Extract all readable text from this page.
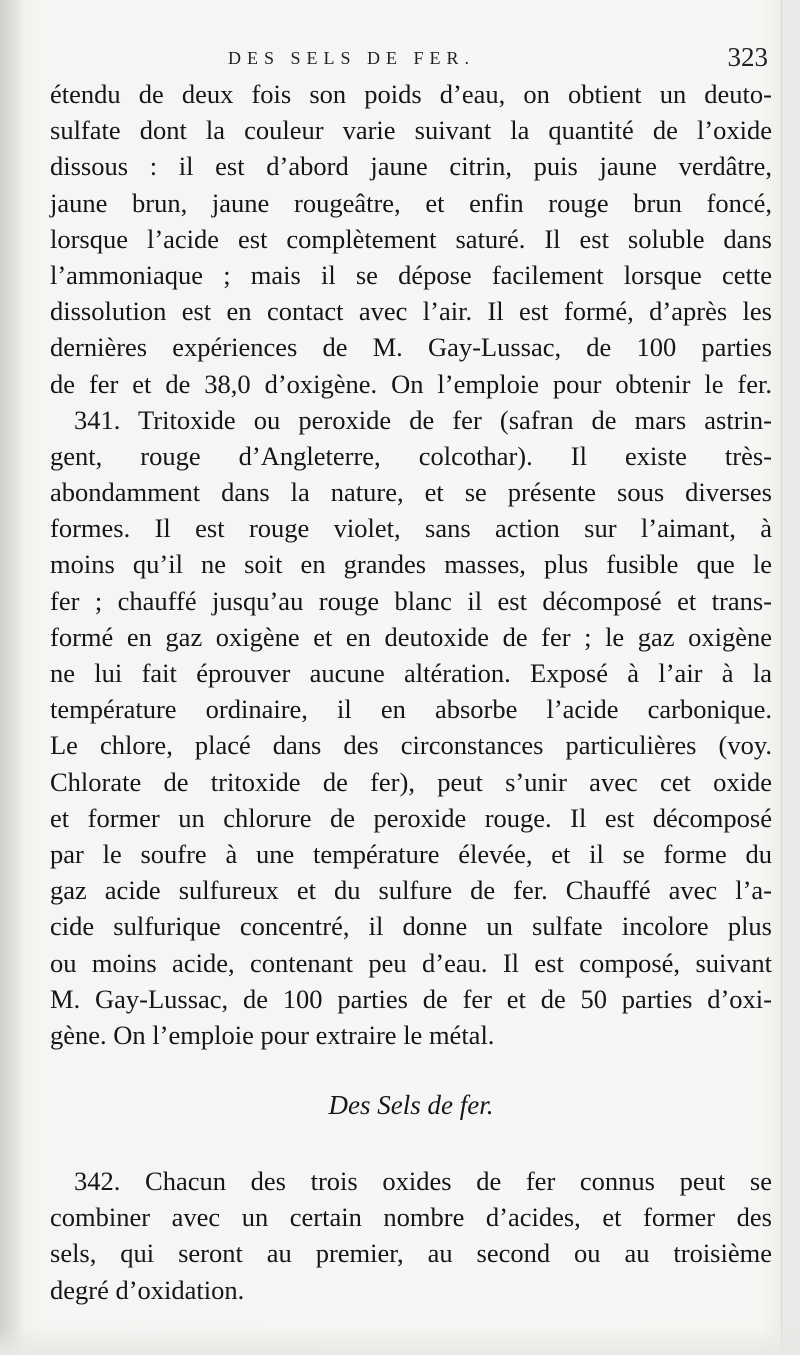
DES SELS DE FER.	323
étendu de deux fois son poids d’eau, on obtient un deuto-
sulfate dont la couleur varie suivant la quantité de l’oxide
dissous : il est d’abord jaune citrin, puis jaune verdâtre,
jaune brun, jaune rougeâtre, et enfin rouge brun foncé,
lorsque l’acide est complètement saturé. Il est soluble dans
l’ammoniaque ; mais il se dépose facilement lorsque cette
dissolution est en contact avec l’air. Il est formé, d’après les
dernières expériences de M. Gay-Lussac, de 100 parties
de fer et de 38,0 d’oxigène. On l’emploie pour obtenir le fer.
341. Tritoxide ou peroxide de fer (safran de mars astrin-
gent, rouge d’Angleterre, colcothar). Il existe très-
abondamment dans la nature, et se présente sous diverses
formes. Il est rouge violet, sans action sur l’aimant, à
moins qu’il ne soit en grandes masses, plus fusible que le
fer ; chauffé jusqu’au rouge blanc il est décomposé et trans-
formé en gaz oxigène et en deutoxide de fer ; le gaz oxigène
ne lui fait éprouver aucune altération. Exposé à l’air à la
température ordinaire, il en absorbe l’acide carbonique.
Le chlore, placé dans des circonstances particulières (voy.
Chlorate de tritoxide de fer), peut s’unir avec cet oxide
et former un chlorure de peroxide rouge. Il est décomposé
par le soufre à une température élevée, et il se forme du
gaz acide sulfureux et du sulfure de fer. Chauffé avec l’a-
cide sulfurique concentré, il donne un sulfate incolore plus
ou moins acide, contenant peu d’eau. Il est composé, suivant
M. Gay-Lussac, de 100 parties de fer et de 50 parties d’oxi-
gène. On l’emploie pour extraire le métal.
Des Sels de fer.
342. Chacun des trois oxides de fer connus peut se
combiner avec un certain nombre d’acides, et former des
sels, qui seront au premier, au second ou au troisième
degré d’oxidation.
